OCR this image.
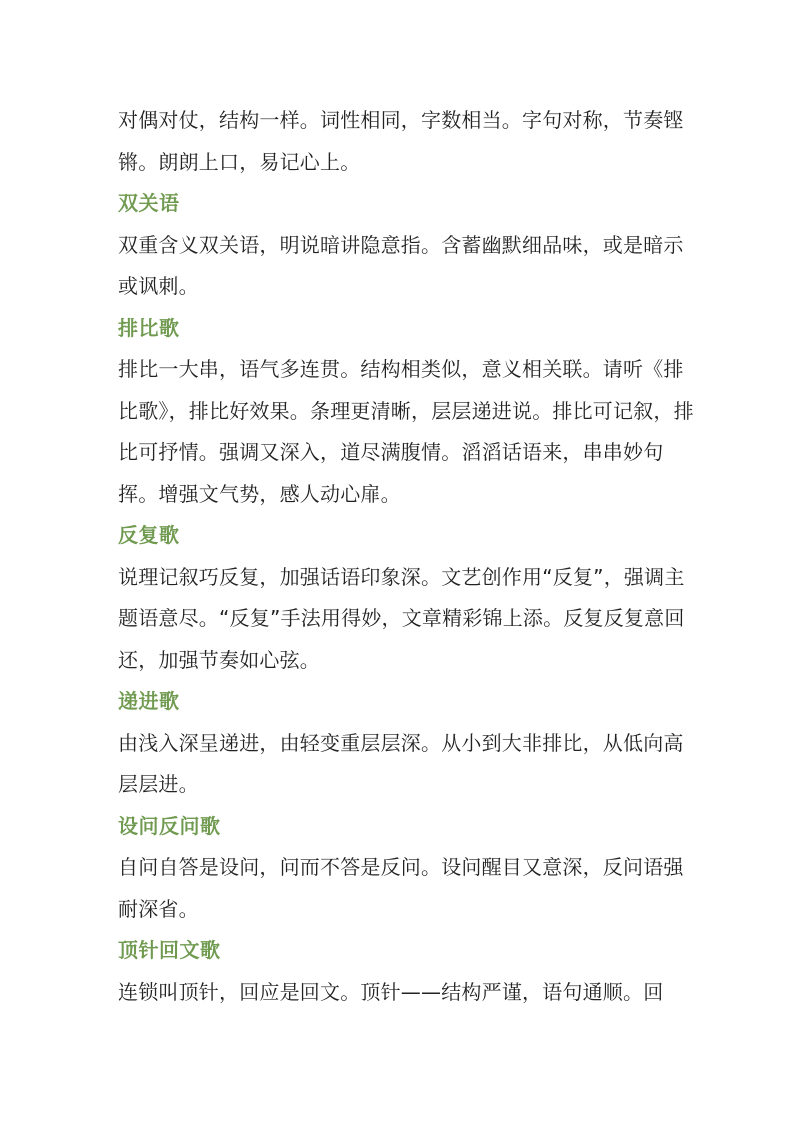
对偶对仗，结构一样。词性相同，字数相当。字句对称，节奏铿锵。朗朗上口，易记心上。

双关语

双重含义双关语，明说暗讲隐意指。含蓄幽默细品味，或是暗示或讽刺。

排比歌

排比一大串，语气多连贯。结构相类似，意义相关联。请听《排比歌》，排比好效果。条理更清晰，层层递进说。排比可记叙，排比可抒情。强调又深入，道尽满腹情。滔滔话语来，串串妙句挥。增强文气势，感人动心扉。

反复歌

说理记叙巧反复，加强话语印象深。文艺创作用“反复”，强调主题语意尽。“反复”手法用得妙，文章精彩锦上添。反复反复意回还，加强节奏如心弦。

递进歌

由浅入深呈递进，由轻变重层层深。从小到大非排比，从低向高层层进。

设问反问歌

自问自答是设问，问而不答是反问。设问醒目又意深，反问语强耐深省。

顶针回文歌

连锁叫顶针，回应是回文。顶针——结构严谨，语句通顺。回
